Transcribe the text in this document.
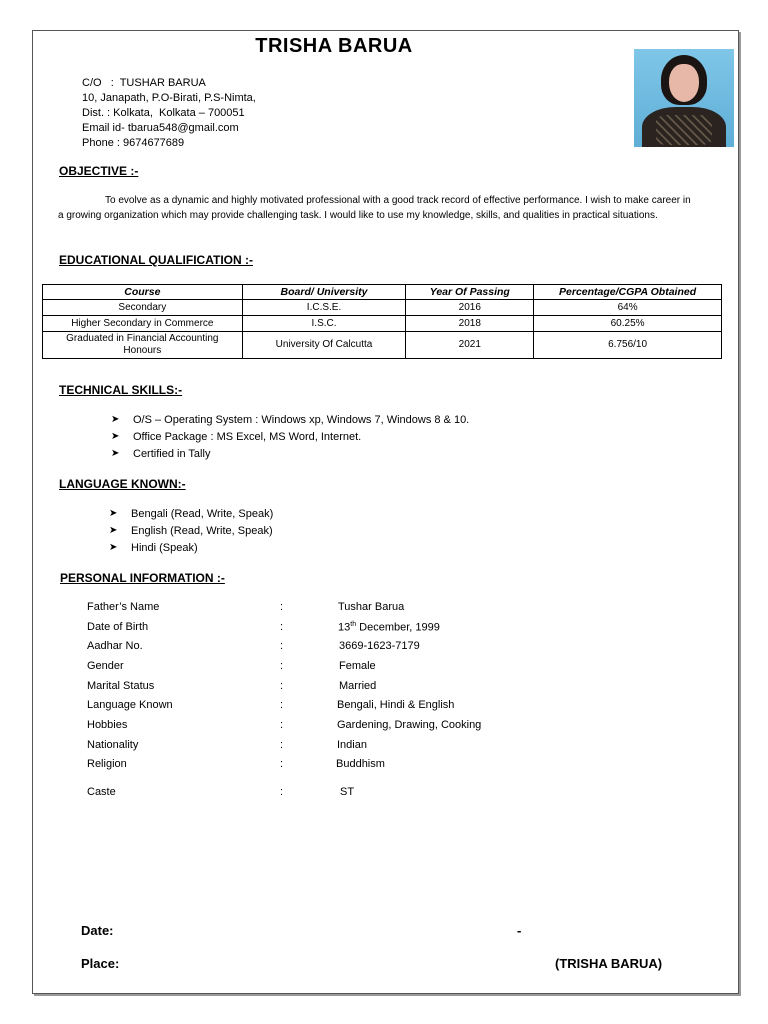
TRISHA BARUA
C/O   :  TUSHAR BARUA
10, Janapath, P.O-Birati, P.S-Nimta,
Dist. : Kolkata,  Kolkata – 700051
Email id- tbarua548@gmail.com
Phone : 9674677689
OBJECTIVE :-
To evolve as a dynamic and highly motivated professional with a good track record of effective performance. I wish to make career in a growing organization which may provide challenging task. I would like to use my knowledge, skills, and qualities in practical situations.
EDUCATIONAL QUALIFICATION :-
Course	Board/ University	Year Of Passing	Percentage/CGPA Obtained
Secondary	I.C.S.E.	2016	64%
Higher Secondary in Commerce	I.S.C.	2018	60.25%
Graduated in Financial Accounting Honours	University Of Calcutta	2021	6.756/10
TECHNICAL SKILLS:-
➤	O/S – Operating System : Windows xp, Windows 7, Windows 8 & 10.
➤	Office Package : MS Excel, MS Word, Internet.
➤	Certified in Tally
LANGUAGE KNOWN:-
➤	Bengali (Read, Write, Speak)
➤	English (Read, Write, Speak)
➤	Hindi (Speak)
PERSONAL INFORMATION :-
Father’s Name	:	Tushar Barua
Date of Birth	:	13th December, 1999
Aadhar No.	:	3669-1623-7179
Gender	:	Female
Marital Status	:	Married
Language Known	:	Bengali, Hindi & English
Hobbies	:	Gardening, Drawing, Cooking
Nationality	:	Indian
Religion	:	Buddhism
Caste	:	ST
Date:	-
Place:	(TRISHA BARUA)
